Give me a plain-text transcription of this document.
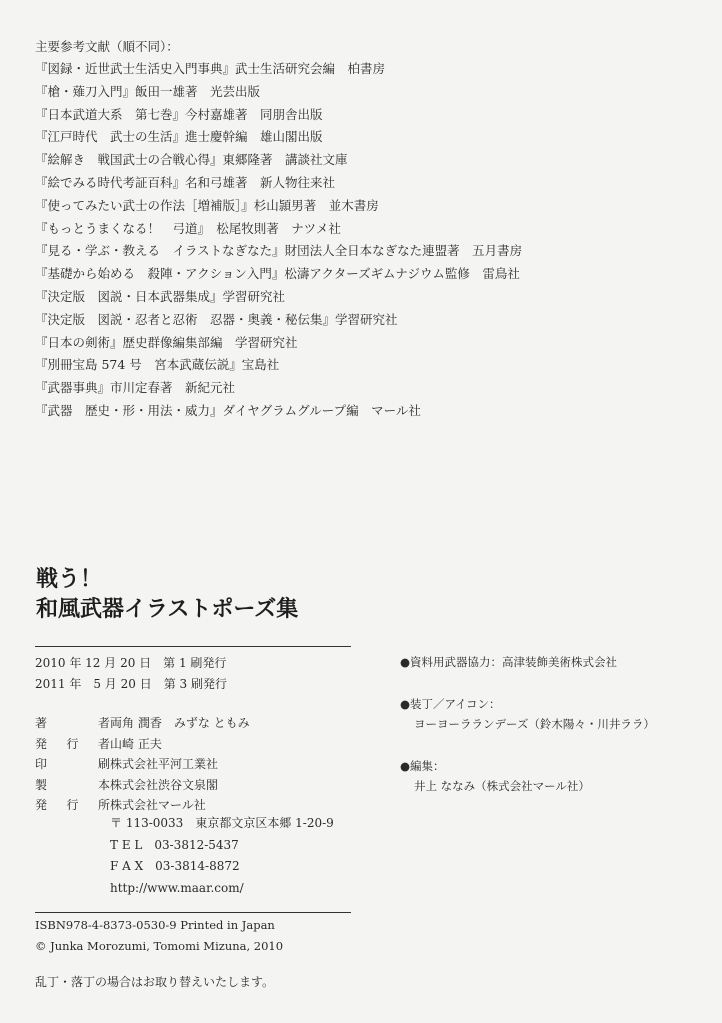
主要参考文献（順不同）：
『図録・近世武士生活史入門事典』武士生活研究会編　柏書房
『槍・薙刀入門』飯田一雄著　光芸出版
『日本武道大系　第七巻』今村嘉雄著　同朋舎出版
『江戸時代　武士の生活』進士慶幹編　雄山閣出版
『絵解き　戦国武士の合戦心得』東郷隆著　講談社文庫
『絵でみる時代考証百科』名和弓雄著　新人物往来社
『使ってみたい武士の作法［増補版］』杉山頴男著　並木書房
『もっとうまくなる！　弓道』　松尾牧則著　ナツメ社
『見る・学ぶ・教える　イラストなぎなた』財団法人全日本なぎなた連盟著　五月書房
『基礎から始める　殺陣・アクション入門』松濤アクターズギムナジウム監修　雷鳥社
『決定版　図説・日本武器集成』学習研究社
『決定版　図説・忍者と忍術　忍器・奥義・秘伝集』学習研究社
『日本の剣術』歴史群像編集部編　学習研究社
『別冊宝島 574 号　宮本武蔵伝説』宝島社
『武器事典』市川定春著　新紀元社
『武器　歴史・形・用法・威力』ダイヤグラムグループ編　マール社
戦う！
和風武器イラストポーズ集
2010 年 12 月 20 日　第 1 刷発行
2011 年　5 月 20 日　第 3 刷発行
著	者 両角 潤香　みずな ともみ
発 行 者 山崎 正夫
印	刷 株式会社平河工業社
製	本 株式会社渋谷文泉閣
発 行 所 株式会社マール社
〒 113-0033　東京都文京区本郷 1-20-9
T E L　03-3812-5437
F A X　03-3814-8872
http://www.maar.com/
ISBN978-4-8373-0530-9 Printed in Japan
© Junka Morozumi, Tomomi Mizuna, 2010
乱丁・落丁の場合はお取り替えいたします。
●資料用武器協力：高津装飾美術株式会社
●装丁／アイコン：
ヨーヨーラランデーズ（鈴木陽々・川井ララ）
●編集：
井上 ななみ（株式会社マール社）
